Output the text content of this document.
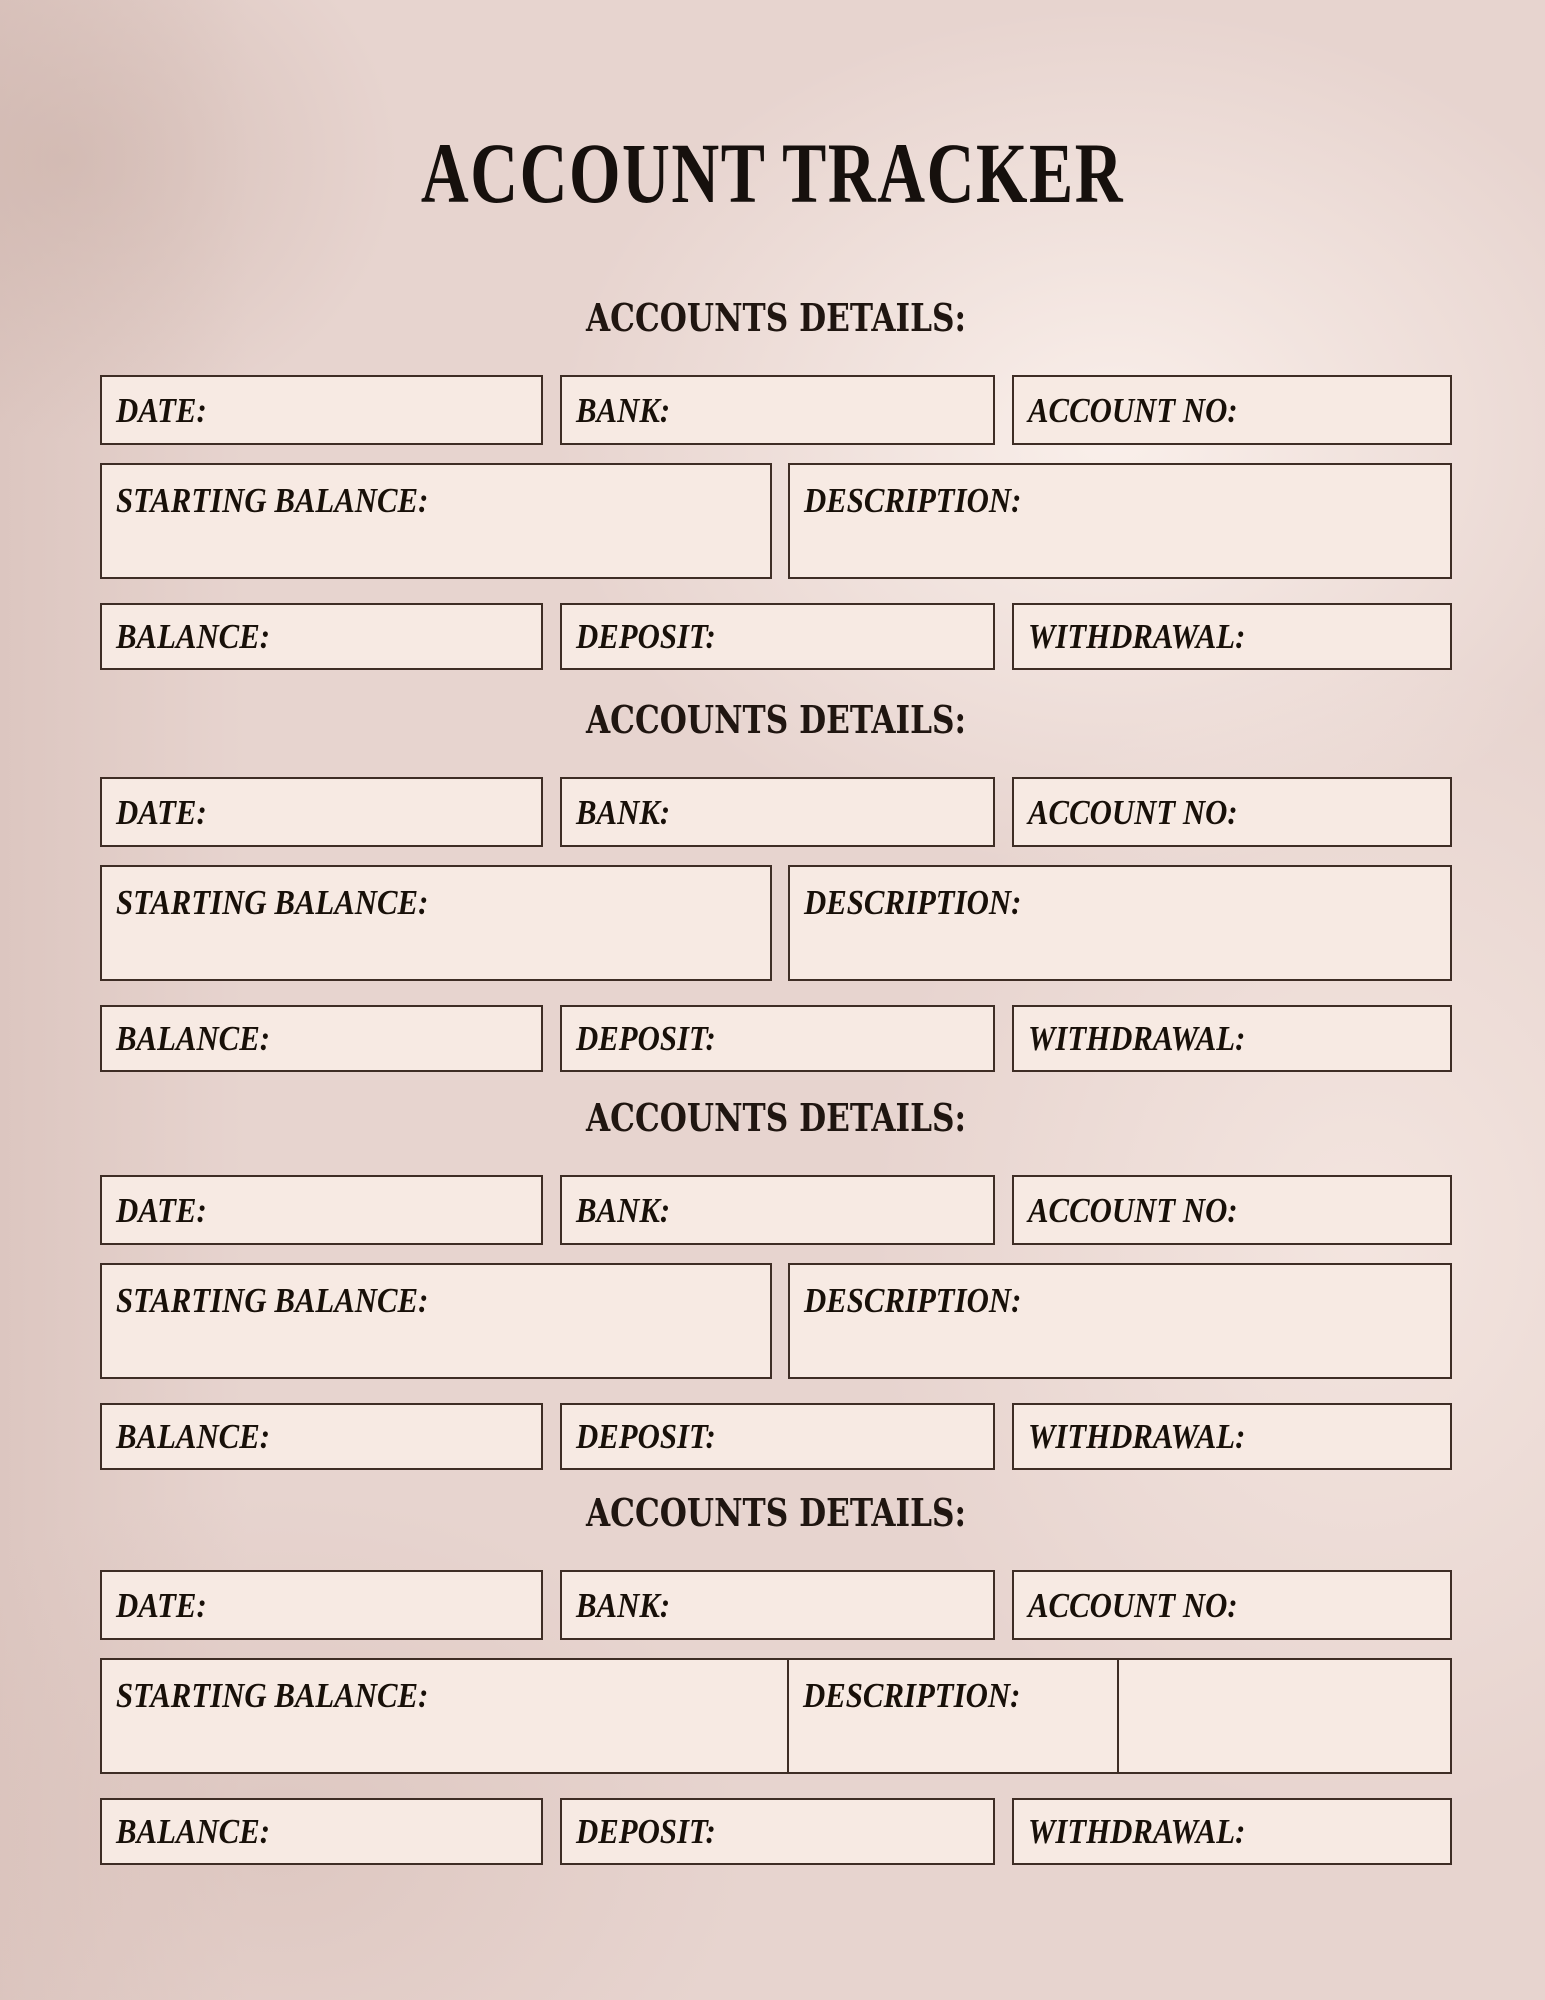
ACCOUNT TRACKER
ACCOUNTS DETAILS:
DATE:	BANK:	ACCOUNT NO:
STARTING BALANCE:	DESCRIPTION:
BALANCE:	DEPOSIT:	WITHDRAWAL:
ACCOUNTS DETAILS:
DATE:	BANK:	ACCOUNT NO:
STARTING BALANCE:	DESCRIPTION:
BALANCE:	DEPOSIT:	WITHDRAWAL:
ACCOUNTS DETAILS:
DATE:	BANK:	ACCOUNT NO:
STARTING BALANCE:	DESCRIPTION:
BALANCE:	DEPOSIT:	WITHDRAWAL:
ACCOUNTS DETAILS:
DATE:	BANK:	ACCOUNT NO:
STARTING BALANCE:	DESCRIPTION:
BALANCE:	DEPOSIT:	WITHDRAWAL:
